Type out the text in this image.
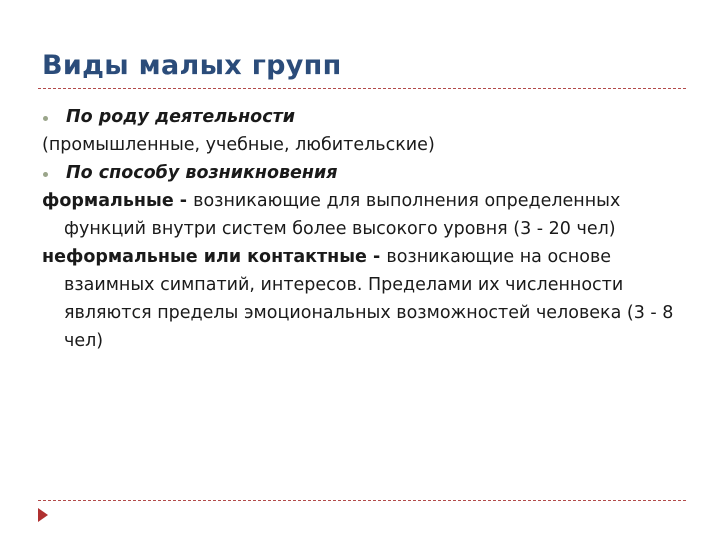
Виды малых групп

По роду деятельности

(промышленные, учебные, любительские)

По способу возникновения

формальные - возникающие для выполнения определенных функций внутри систем более высокого уровня (3 - 20 чел)

неформальные или контактные - возникающие на основе взаимных симпатий, интересов. Пределами их численности являются пределы эмоциональных возможностей человека (3 - 8 чел)
